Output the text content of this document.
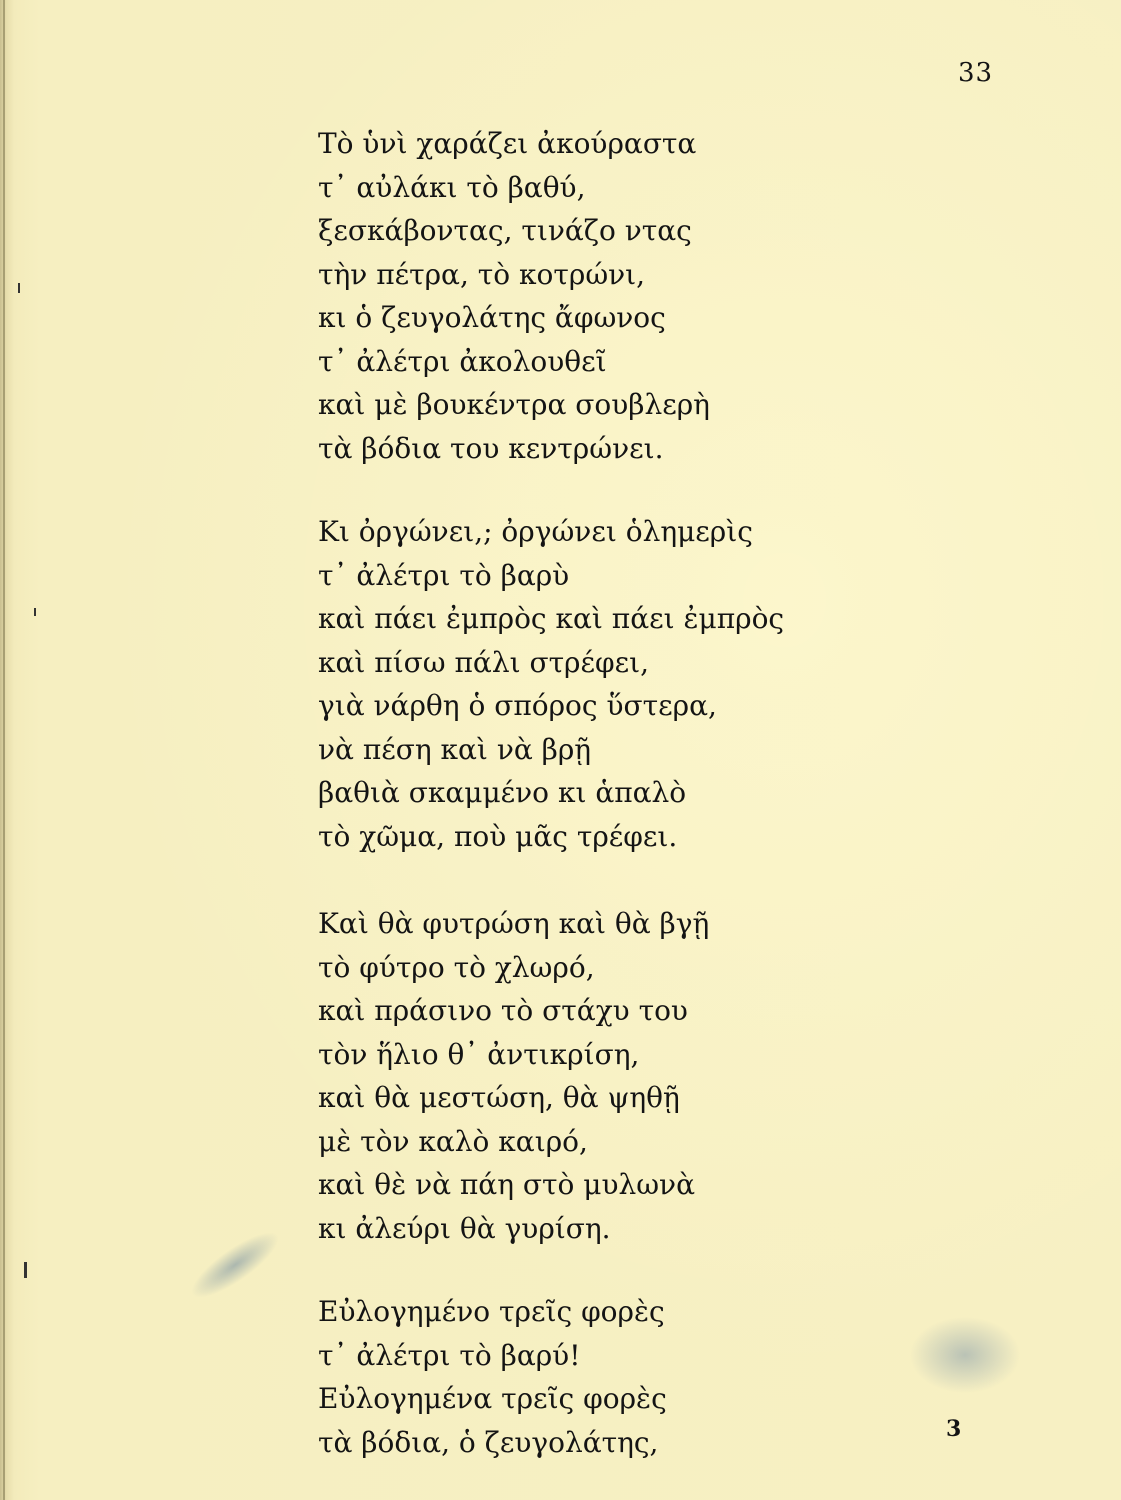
33
Τὸ ὑνὶ χαράζει ἀκούραστα
τ᾿ αὐλάκι τὸ βαθύ,
ξεσκάβοντας, τινάζο ντας
τὴν πέτρα, τὸ κοτρώνι,
κι ὁ ζευγολάτης ἄφωνος
τ᾿ ἀλέτρι ἀκολουθεῖ
καὶ μὲ βουκέντρα σουβλερὴ
τὰ βόδια του κεντρώνει.
Κι ὀργώνει,; ὀργώνει ὁλημερὶς
τ᾿ ἀλέτρι τὸ βαρὺ
καὶ πάει ἐμπρὸς καὶ πάει ἐμπρὸς
καὶ πίσω πάλι στρέφει,
γιὰ νάρθη ὁ σπόρος ὕστερα,
νὰ πέση καὶ νὰ βρῇ
βαθιὰ σκαμμένο κι ἁπαλὸ
τὸ χῶμα, ποὺ μᾶς τρέφει.
Καὶ θὰ φυτρώση καὶ θὰ βγῇ
τὸ φύτρο τὸ χλωρό,
καὶ πράσινο τὸ στάχυ του
τὸν ἥλιο θ᾿ ἀντικρίση,
καὶ θὰ μεστώση, θὰ ψηθῇ
μὲ τὸν καλὸ καιρό,
καὶ θὲ νὰ πάη στὸ μυλωνὰ
κι ἀλεύρι θὰ γυρίση.
Εὐλογημένο τρεῖς φορὲς
τ᾿ ἀλέτρι τὸ βαρύ!
Εὐλογημένα τρεῖς φορὲς
τὰ βόδια, ὁ ζευγολάτης,	3
